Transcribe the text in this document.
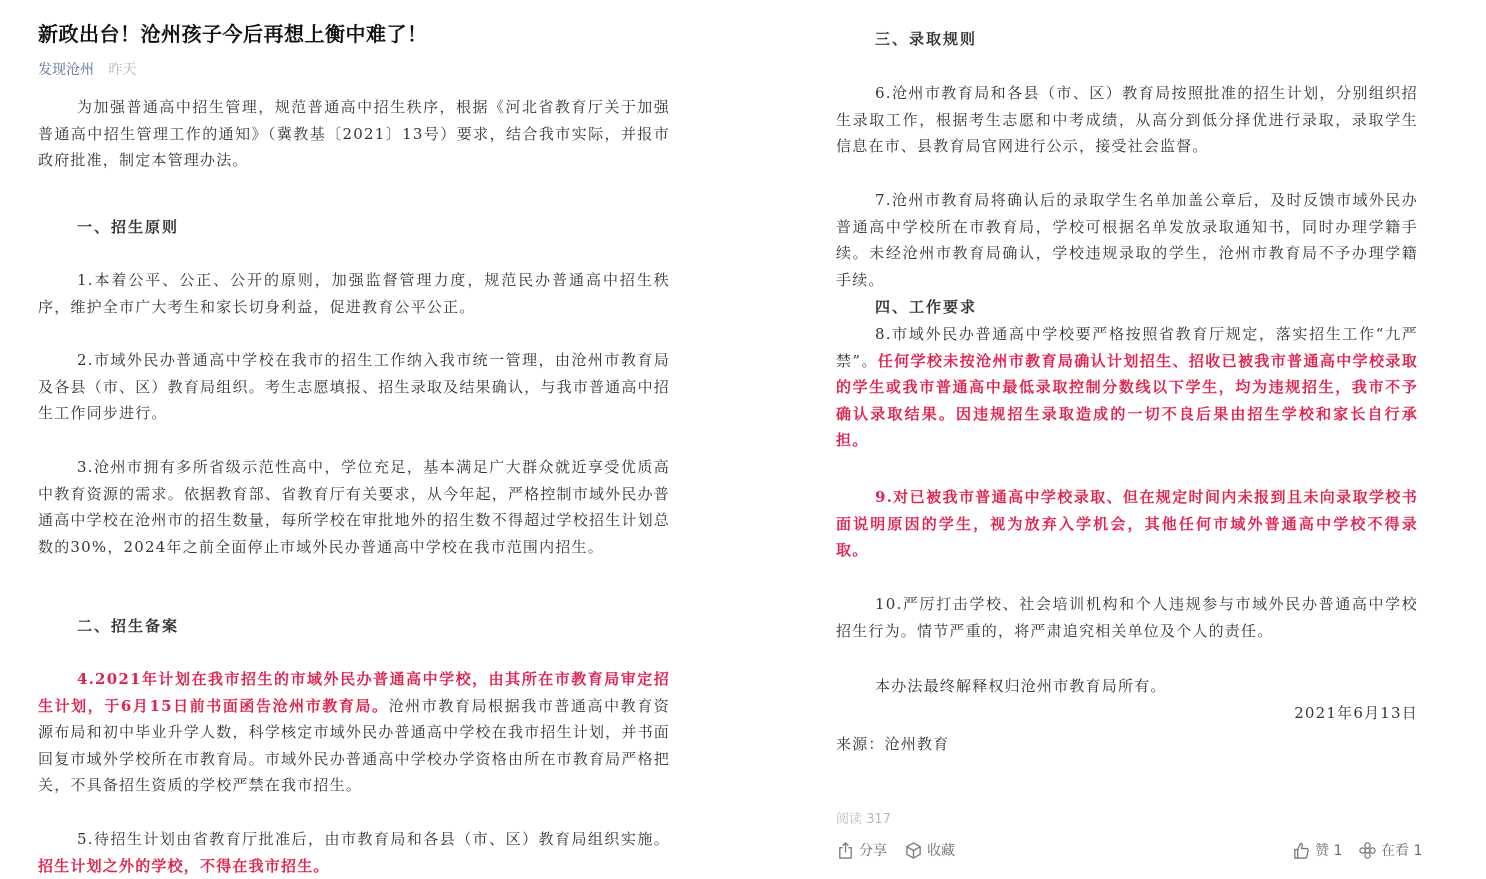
新政出台！沧州孩子今后再想上衡中难了！
发现沧州 昨天

为加强普通高中招生管理，规范普通高中招生秩序，根据《河北省教育厅关于加强普通高中招生管理工作的通知》（冀教基〔2021〕13号）要求，结合我市实际，并报市政府批准，制定本管理办法。

一、招生原则

1.本着公平、公正、公开的原则，加强监督管理力度，规范民办普通高中招生秩序，维护全市广大考生和家长切身利益，促进教育公平公正。

2.市域外民办普通高中学校在我市的招生工作纳入我市统一管理，由沧州市教育局及各县（市、区）教育局组织。考生志愿填报、招生录取及结果确认，与我市普通高中招生工作同步进行。

3.沧州市拥有多所省级示范性高中，学位充足，基本满足广大群众就近享受优质高中教育资源的需求。依据教育部、省教育厅有关要求，从今年起，严格控制市域外民办普通高中学校在沧州市的招生数量，每所学校在审批地外的招生数不得超过学校招生计划总数的30%，2024年之前全面停止市域外民办普通高中学校在我市范围内招生。

二、招生备案

4.2021年计划在我市招生的市域外民办普通高中学校，由其所在市教育局审定招生计划，于6月15日前书面函告沧州市教育局。沧州市教育局根据我市普通高中教育资源布局和初中毕业升学人数，科学核定市域外民办普通高中学校在我市招生计划，并书面回复市域外学校所在市教育局。市域外民办普通高中学校办学资格由所在市教育局严格把关，不具备招生资质的学校严禁在我市招生。

5.待招生计划由省教育厅批准后，由市教育局和各县（市、区）教育局组织实施。招生计划之外的学校，不得在我市招生。

三、录取规则

6.沧州市教育局和各县（市、区）教育局按照批准的招生计划，分别组织招生录取工作，根据考生志愿和中考成绩，从高分到低分择优进行录取，录取学生信息在市、县教育局官网进行公示，接受社会监督。

7.沧州市教育局将确认后的录取学生名单加盖公章后，及时反馈市域外民办普通高中学校所在市教育局，学校可根据名单发放录取通知书，同时办理学籍手续。未经沧州市教育局确认，学校违规录取的学生，沧州市教育局不予办理学籍手续。

四、工作要求

8.市域外民办普通高中学校要严格按照省教育厅规定，落实招生工作“九严禁”。任何学校未按沧州市教育局确认计划招生、招收已被我市普通高中学校录取的学生或我市普通高中最低录取控制分数线以下学生，均为违规招生，我市不予确认录取结果。因违规招生录取造成的一切不良后果由招生学校和家长自行承担。

9.对已被我市普通高中学校录取、但在规定时间内未报到且未向录取学校书面说明原因的学生，视为放弃入学机会，其他任何市域外普通高中学校不得录取。

10.严厉打击学校、社会培训机构和个人违规参与市域外民办普通高中学校招生行为。情节严重的，将严肃追究相关单位及个人的责任。

本办法最终解释权归沧州市教育局所有。

2021年6月13日

来源：沧州教育

阅读 317
分享	收藏	赞 1	在看 1
